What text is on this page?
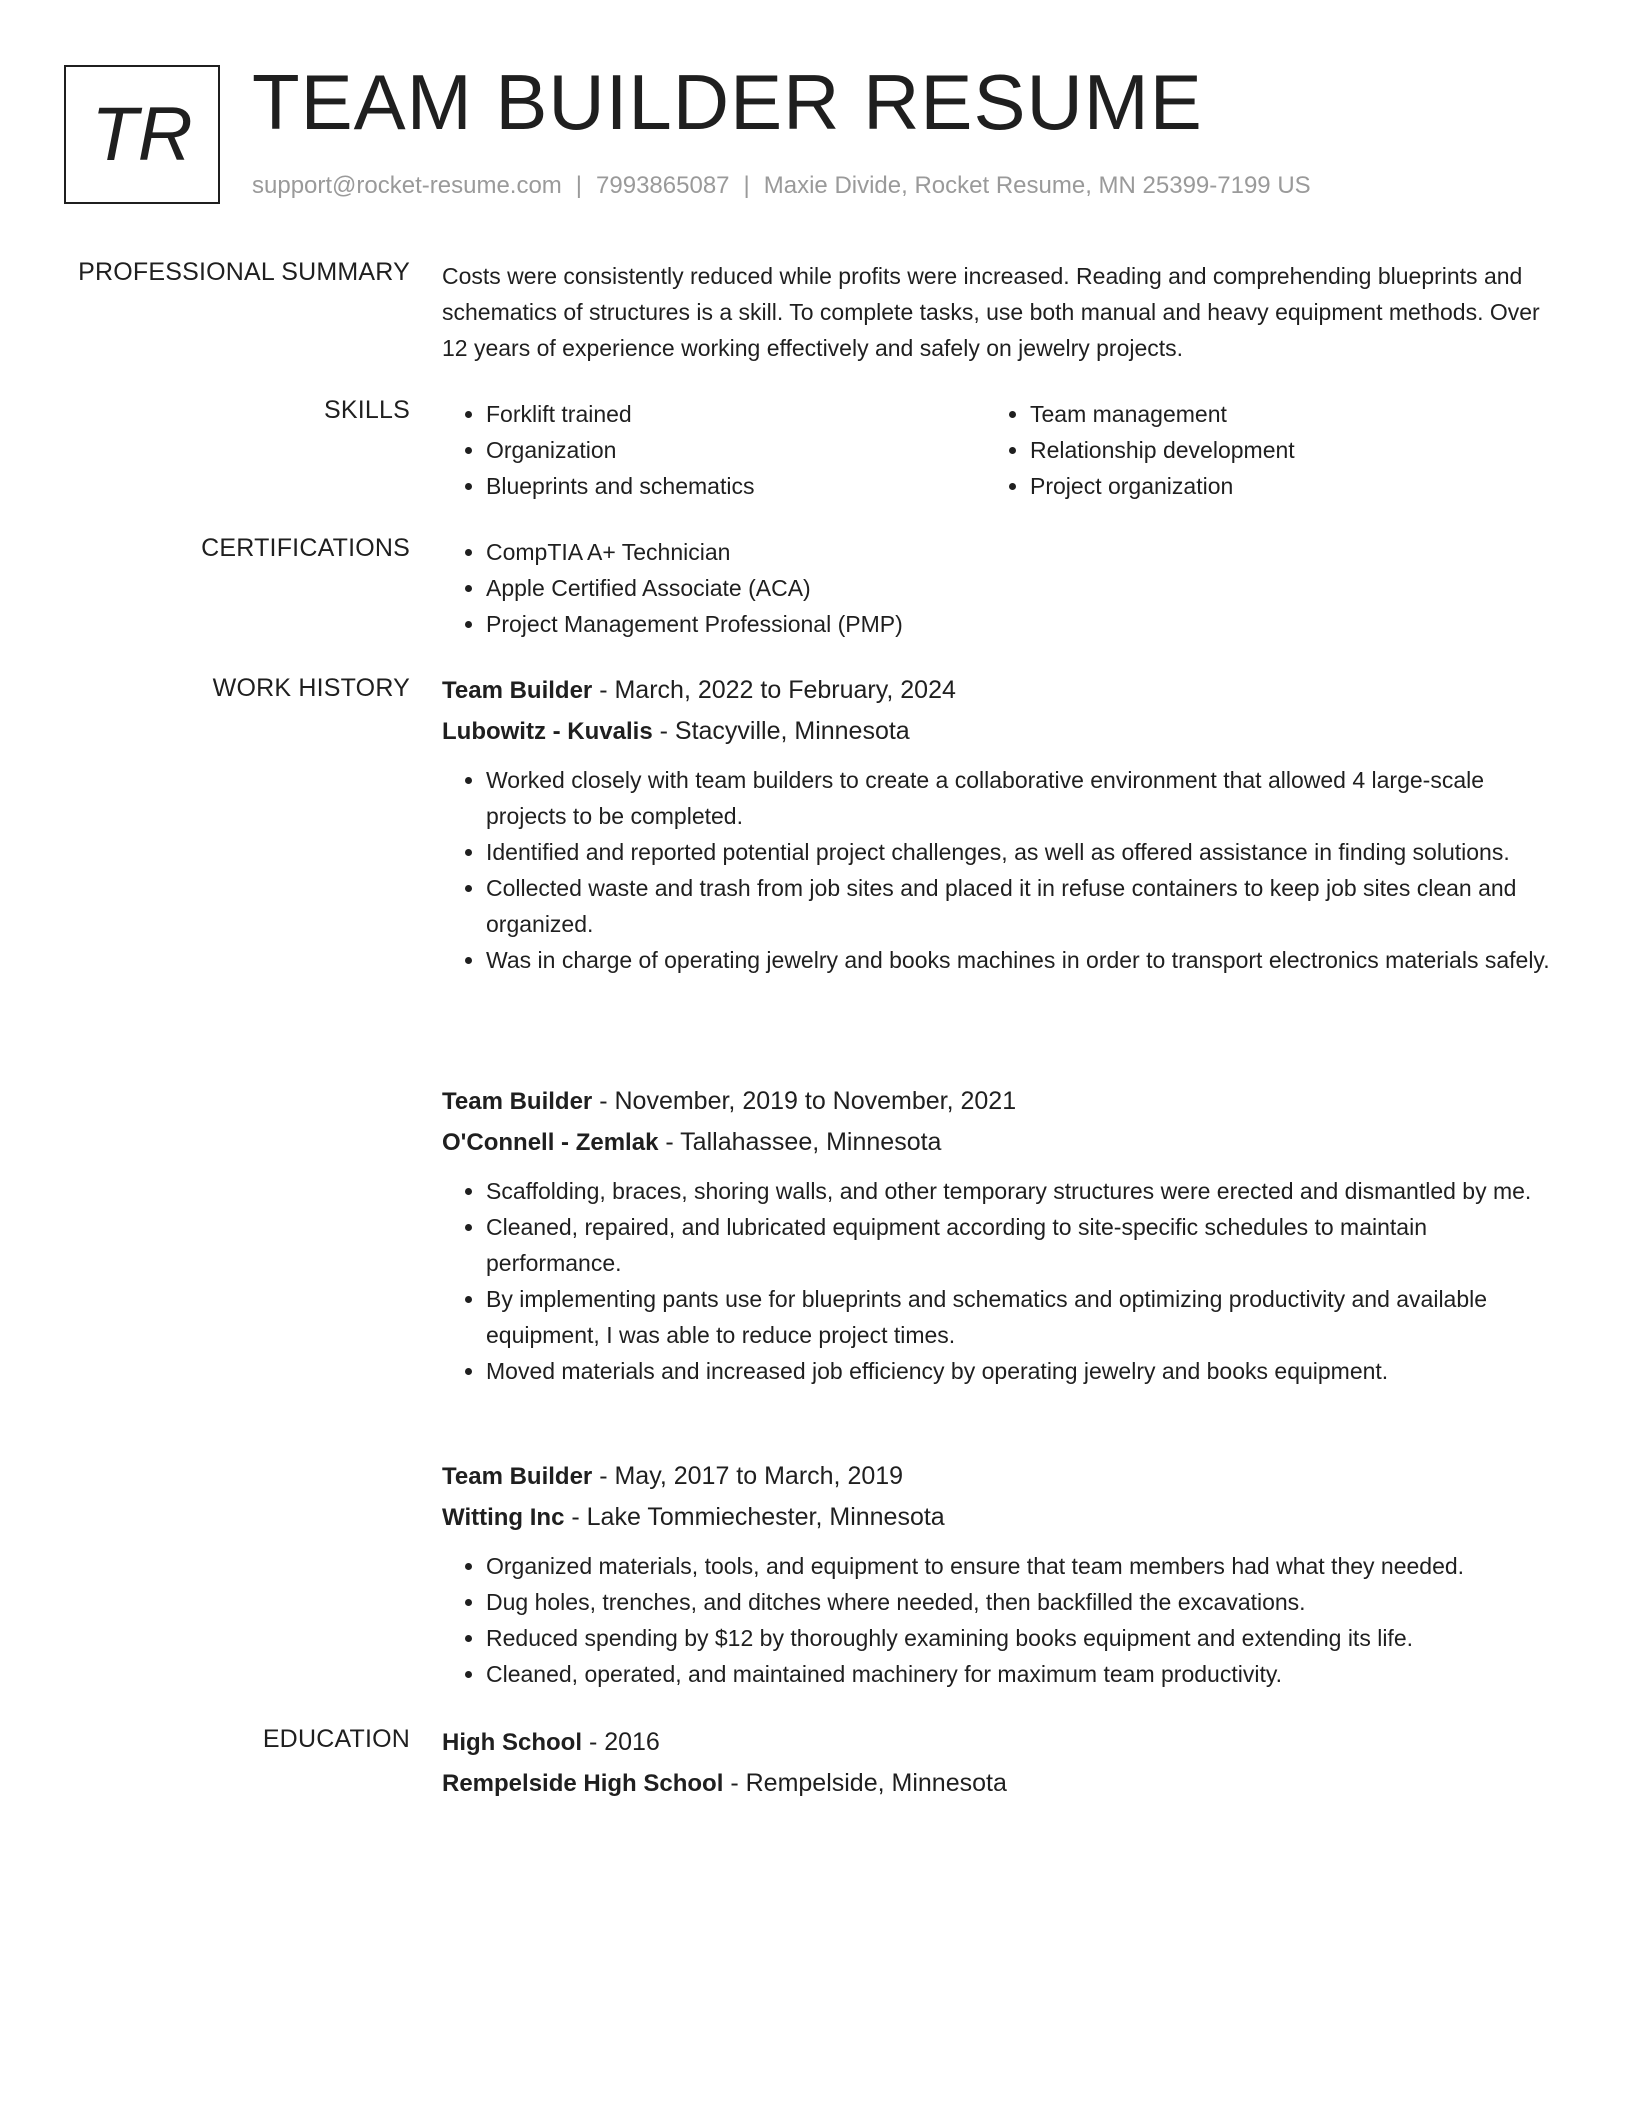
TR TEAM BUILDER RESUME
support@rocket-resume.com | 7993865087 | Maxie Divide, Rocket Resume, MN 25399-7199 US
PROFESSIONAL SUMMARY Costs were consistently reduced while profits were increased. Reading and comprehending blueprints and schematics of structures is a skill. To complete tasks, use both manual and heavy equipment methods. Over 12 years of experience working effectively and safely on jewelry projects.

SKILLS	• Forklift trained
• Organization
• Blueprints and schematics
• Team management
• Relationship development
• Project organization
CERTIFICATIONS	• CompTIA A+ Technician
• Apple Certified Associate (ACA)
• Project Management Professional (PMP)
WORK HISTORY Team Builder - March, 2022 to February, 2024
Lubowitz - Kuvalis - Stacyville, Minnesota
• Worked closely with team builders to create a collaborative environment that allowed 4 large-scale projects to be completed.
• Identified and reported potential project challenges, as well as offered assistance in finding solutions.
• Collected waste and trash from job sites and placed it in refuse containers to keep job sites clean and organized.
• Was in charge of operating jewelry and books machines in order to transport electronics materials safely.
Team Builder - November, 2019 to November, 2021
O'Connell - Zemlak - Tallahassee, Minnesota
• Scaffolding, braces, shoring walls, and other temporary structures were erected and dismantled by me.
• Cleaned, repaired, and lubricated equipment according to site-specific schedules to maintain performance.
• By implementing pants use for blueprints and schematics and optimizing productivity and available equipment, I was able to reduce project times.
• Moved materials and increased job efficiency by operating jewelry and books equipment.
Team Builder - May, 2017 to March, 2019
Witting Inc - Lake Tommiechester, Minnesota
• Organized materials, tools, and equipment to ensure that team members had what they needed.
• Dug holes, trenches, and ditches where needed, then backfilled the excavations.
• Reduced spending by $12 by thoroughly examining books equipment and extending its life.
• Cleaned, operated, and maintained machinery for maximum team productivity.
EDUCATION High School - 2016
Rempelside High School - Rempelside, Minnesota
